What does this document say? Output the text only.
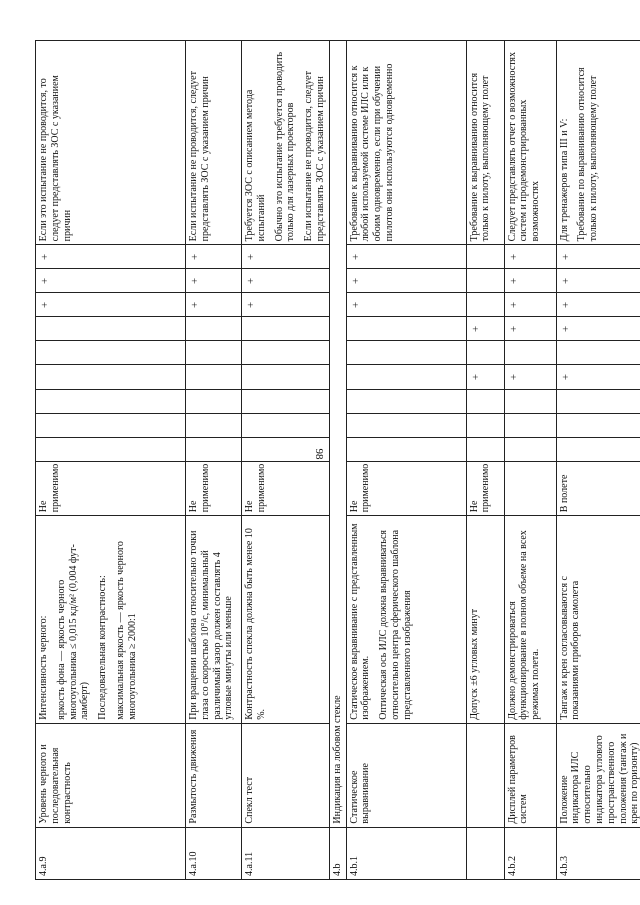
98
4.a.9	Уровень черного и последовательная контрастность	Интенсивность черного: яркость фона — яркость черного многоугольника ≤ 0,015 кд/м² (0,004 фут-ламберт) Последовательная контрастность: максимальная яркость — яркость черного многоугольника ≥ 2000:1	Не применимо							+	+	+	Если это испытание не проводится, то следует представлять ЗОС с указанием причин

4.a.10	Размытость движения	При вращении шаблона относительно точки глаза со скоростью 10°/с, минимальный различимый зазор должен составлять 4 угловые минуты или меньше	Не применимо							+	+	+	Если испытание не проводится, следует представлять ЗОС с указанием причин

4.a.11	Спекл тест	Контрастность спекла должна быть менее 10 %.	Не применимо							+	+	+	Требуется ЗОС с описанием метода испытаний Обычно это испытание требуется проводить только для лазерных проекторов Если испытание не проводится, следует представлять ЗОС с указанием причин

4.b	Индикация на лобовом стекле												
4.b.1	Статическое выравнивание	Статическое выравнивание с представленным изображением. Оптическая ось ИЛС должна выравниваться относительно центра сферического шаблона представленного изображения	Не применимо							+	+	+	Требование к выравниванию относится к любой используемой системе ИЛС или к обоим одновременно, если при обучении пилотов они используются одновременно

		Допуск ±6 угловых минут	Не применимо				+		+				Требование к выравниванию относится только к пилоту, выполняющему полет

4.b.2	Дисплей параметров систем	Должно демонстрироваться функционирование в полном объеме на всех режимах полета.					+		+	+	+	+	Следует представлять отчет о возможностях систем и продемонстрированных возможностях

4.b.3	Положение индикатора ИЛС относительно индикатора углового пространственного положения (тангаж и крен по горизонту)	Тангаж и крен согласовываются с показаниями приборов самолета	В полете				+		+	+	+	+	Для тренажеров типа III и V: Требование по выравниванию относится только к пилоту, выполняющему полет
